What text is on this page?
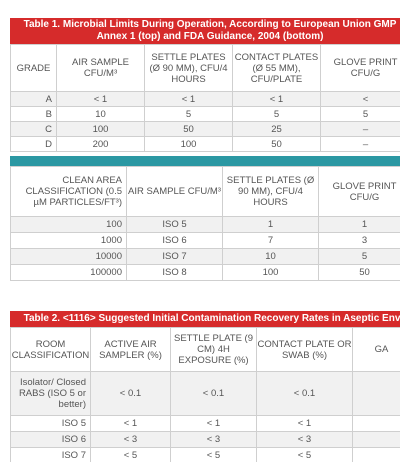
Table 1. Microbial Limits During Operation, According to European Union GMP
Annex 1 (top) and FDA Guidance, 2004 (bottom)
GRADE	AIR SAMPLE CFU/M³	SETTLE PLATES (Ø 90 MM), CFU/4 HOURS	CONTACT PLATES (Ø 55 MM), CFU/PLATE	GLOVE PRINT CFU/G
A	< 1	< 1	< 1	<
B	10	5	5	5
C	100	50	25	–
D	200	100	50	–
CLEAN AREA CLASSIFICATION (0.5 µM PARTICLES/FT³)	AIR SAMPLE CFU/M³	SETTLE PLATES (Ø 90 MM), CFU/4 HOURS	GLOVE PRINT CFU/G
100	ISO 5	1	1
1000	ISO 6	7	3
10000	ISO 7	10	5
100000	ISO 8	100	50
Table 2. <1116> Suggested Initial Contamination Recovery Rates in Aseptic Env
ROOM CLASSIFICATION	ACTIVE AIR SAMPLER (%)	SETTLE PLATE (9 CM) 4H EXPOSURE (%)	CONTACT PLATE OR SWAB (%)	GA
Isolator/ Closed RABS (ISO 5 or better)	< 0.1	< 0.1	< 0.1	
ISO 5	< 1	< 1	< 1	
ISO 6	< 3	< 3	< 3	
ISO 7	< 5	< 5	< 5	
